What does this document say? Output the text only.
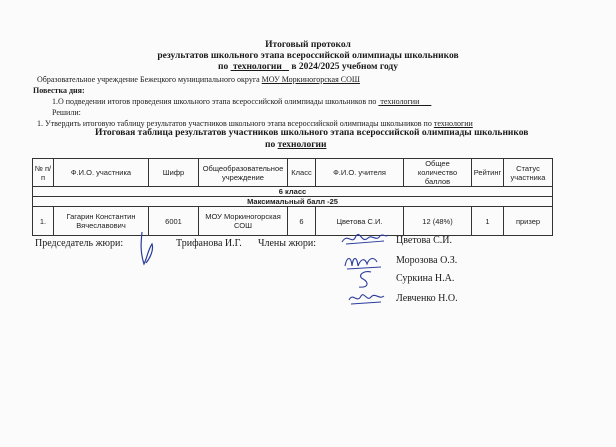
Итоговый протокол
результатов школьного этапа всероссийской олимпиады школьников
по технологии в 2024/2025 учебном году
Образовательное учреждение Бежецкого муниципального округа МОУ Моркиногорская СОШ
Повестка дня:
1.О подведении итогов проведения школьного этапа всероссийской олимпиады школьников по технологии
Решили:
1. Утвердить итоговую таблицу результатов участников школьного этапа всероссийской олимпиады школьников по технологии
Итоговая таблица результатов участников школьного этапа всероссийской олимпиады школьников
по технологии
№ п/п	Ф.И.О. участника	Шифр	Общеобразовательное учреждение	Класс	Ф.И.О. учителя	Общее количество баллов	Рейтинг	Статус участника
6 класс								
Максимальный балл -25								
1.	Гагарин Константин Вячеславович	6001	МОУ Моркиногорская СОШ	6	Цветова С.И.	12 (48%)	1	призер
Председатель жюри:	Трифанова И.Г. Члены жюри:	Цветова С.И.
Морозова О.З.
Суркина Н.А.
Левченко Н.О.
